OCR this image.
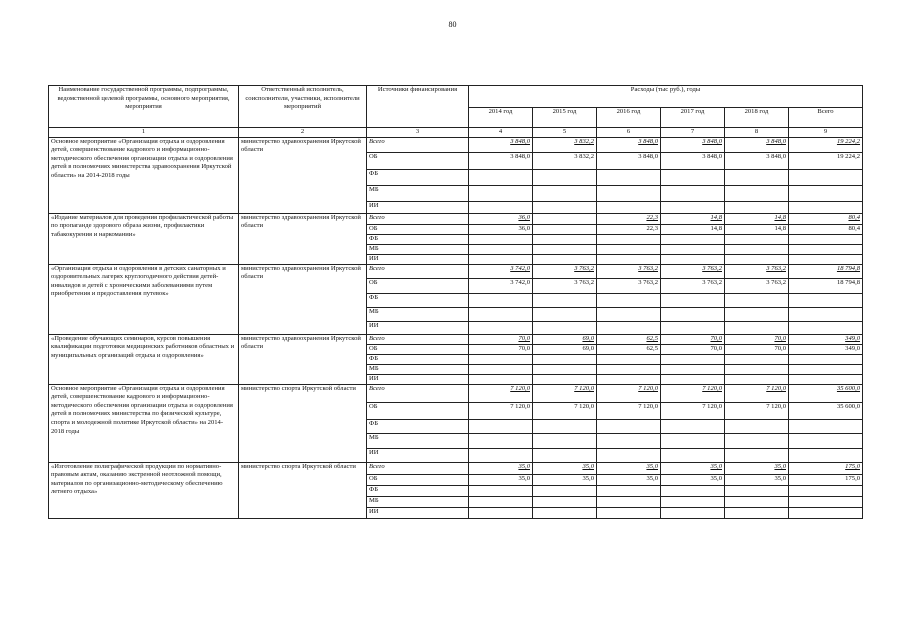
80
Наименование государственной программы, подпрограммы, ведомственной целевой программы, основного мероприятия, мероприятия	Ответственный исполнитель, соисполнители, участники, исполнители мероприятий	Источники финансирования	Расходы (тыс руб.), годы					
			2014 год	2015 год	2016 год	2017 год	2018 год	Всего
1	2	3	4	5	6	7	8	9
Основное мероприятие «Организация отдыха и оздоровления детей, совершенствование кадрового и информационно-методического обеспечения организации отдыха и оздоровления детей в полномочиях министерства здравоохранения Иркутской области» на 2014-2018 годы	министерство здравоохранения Иркутской области	Всего	3 848,0	3 832,2	3 848,0	3 848,0	3 848,0	19 224,2
		ОБ	3 848,0	3 832,2	3 848,0	3 848,0	3 848,0	19 224,2
		ФБ						
		МБ						
		ИИ						
«Издание материалов для проведения профилактической работы по пропаганде здорового образа жизни, профилактики табакокурения и наркомании»	министерство здравоохранения Иркутской области	Всего	36,0		22,3	14,8	14,8	80,4
		ОБ	36,0		22,3	14,8	14,8	80,4
		ФБ						
		МБ						
		ИИ						
«Организация отдыха и оздоровления в детских санаторных и оздоровительных лагерях круглогодичного действия детей-инвалидов и детей с хроническими заболеваниями путем приобретения и предоставления путевок»	министерство здравоохранения Иркутской области	Всего	3 742,0	3 763,2	3 763,2	3 763,2	3 763,2	18 794,8
		ОБ	3 742,0	3 763,2	3 763,2	3 763,2	3 763,2	18 794,8
		ФБ						
		МБ						
		ИИ						
«Проведение обучающих семинаров, курсов повышения квалификации подготовки медицинских работников областных и муниципальных организаций отдыха и оздоровления»	министерство здравоохранения Иркутской области	Всего	70,0	69,0	62,5	70,0	70,0	349,0
		ОБ	70,0	69,0	62,5	70,0	70,0	349,0
		ФБ						
		МБ						
		ИИ						
Основное мероприятие «Организация отдыха и оздоровления детей, совершенствование кадрового и информационно-методического обеспечения организации отдыха и оздоровления детей в полномочиях министерства по физической культуре, спорта и молодежной политике Иркутской области» на 2014-2018 годы	министерство спорта Иркутской области	Всего	7 120,0	7 120,0	7 120,0	7 120,0	7 120,0	35 600,0
		ОБ	7 120,0	7 120,0	7 120,0	7 120,0	7 120,0	35 600,0
		ФБ						
		МБ						
		ИИ						
«Изготовление полиграфической продукции по нормативно-правовым актам, оказанию экстренной неотложной помощи, материалов по организационно-методическому обеспечению летнего отдыха»	министерство спорта Иркутской области	Всего	35,0	35,0	35,0	35,0	35,0	175,0
		ОБ	35,0	35,0	35,0	35,0	35,0	175,0
		ФБ						
		МБ						
		ИИ						
